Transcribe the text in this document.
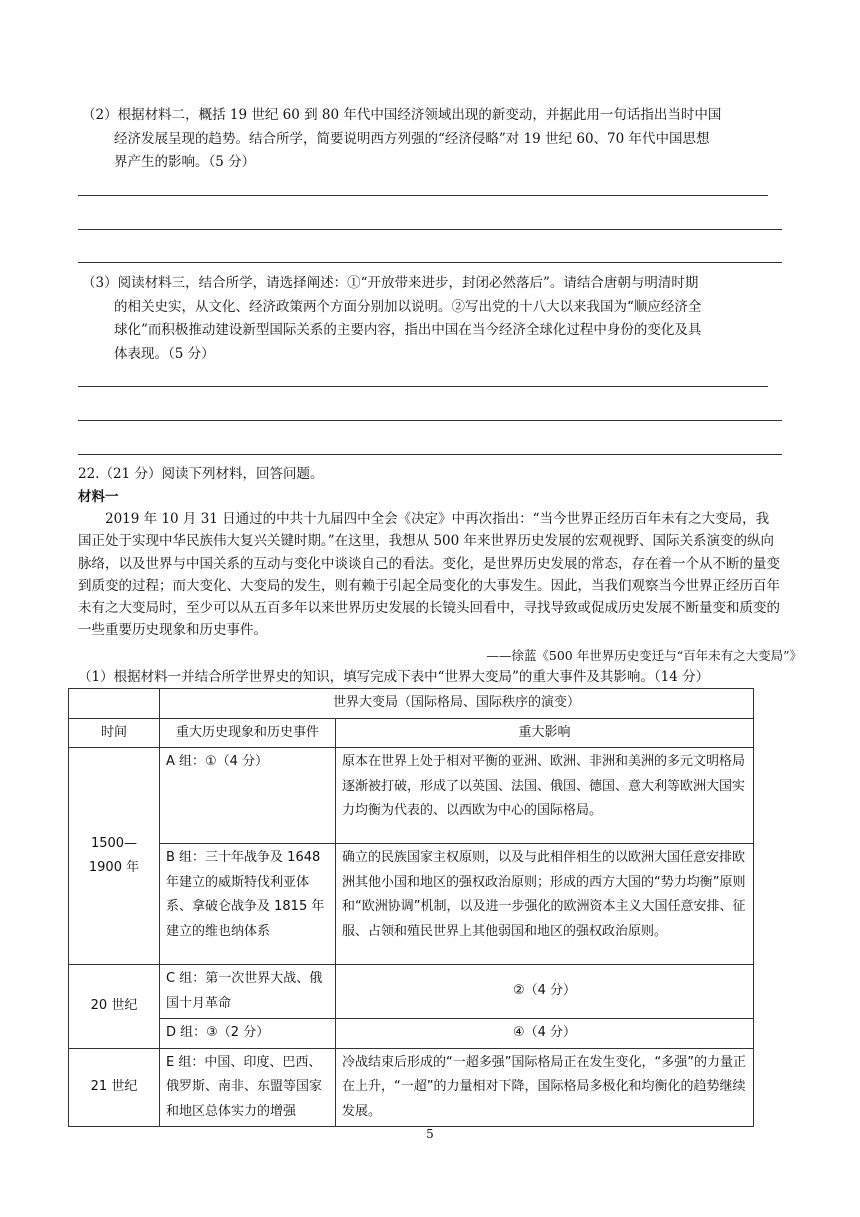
（2）根据材料二，概括 19 世纪 60 到 80 年代中国经济领域出现的新变动，并据此用一句话指出当时中国
经济发展呈现的趋势。结合所学，简要说明西方列强的“经济侵略”对 19 世纪 60、70 年代中国思想
界产生的影响。（5 分）
（3）阅读材料三，结合所学，请选择阐述：①“开放带来进步，封闭必然落后”。请结合唐朝与明清时期
的相关史实，从文化、经济政策两个方面分别加以说明。②写出党的十八大以来我国为“顺应经济全
球化”而积极推动建设新型国际关系的主要内容，指出中国在当今经济全球化过程中身份的变化及具
体表现。（5 分）
22.（21 分）阅读下列材料，回答问题。
材料一
2019 年 10 月 31 日通过的中共十九届四中全会《决定》中再次指出：“当今世界正经历百年未有之大变局，我国正处于实现中华民族伟大复兴关键时期。”在这里，我想从 500 年来世界历史发展的宏观视野、国际关系演变的纵向脉络，以及世界与中国关系的互动与变化中谈谈自己的看法。变化，是世界历史发展的常态，存在着一个从不断的量变到质变的过程；而大变化、大变局的发生，则有赖于引起全局变化的大事发生。因此，当我们观察当今世界正经历百年未有之大变局时，至少可以从五百多年以来世界历史发展的长镜头回看中，寻找导致或促成历史发展不断量变和质变的一些重要历史现象和历史事件。
——徐蓝《500 年世界历史变迁与“百年未有之大变局”》
（1）根据材料一并结合所学世界史的知识，填写完成下表中“世界大变局”的重大事件及其影响。（14 分）
	世界大变局（国际格局、国际秩序的演变）	
时间	重大历史现象和历史事件	重大影响
1500—1900 年	A 组：①（4 分）	原本在世界上处于相对平衡的亚洲、欧洲、非洲和美洲的多元文明格局逐渐被打破，形成了以英国、法国、俄国、德国、意大利等欧洲大国实力均衡为代表的、以西欧为中心的国际格局。
	B 组：三十年战争及 1648 年建立的威斯特伐利亚体系、拿破仑战争及 1815 年建立的维也纳体系	确立的民族国家主权原则，以及与此相伴相生的以欧洲大国任意安排欧洲其他小国和地区的强权政治原则；形成的西方大国的“势力均衡”原则和“欧洲协调”机制，以及进一步强化的欧洲资本主义大国任意安排、征服、占领和殖民世界上其他弱国和地区的强权政治原则。
20 世纪	C 组：第一次世界大战、俄国十月革命	②（4 分）
	D 组：③（2 分）	④（4 分）
21 世纪	E 组：中国、印度、巴西、俄罗斯、南非、东盟等国家和地区总体实力的增强	冷战结束后形成的“一超多强”国际格局正在发生变化，“多强”的力量正在上升，“一超”的力量相对下降，国际格局多极化和均衡化的趋势继续发展。
5
